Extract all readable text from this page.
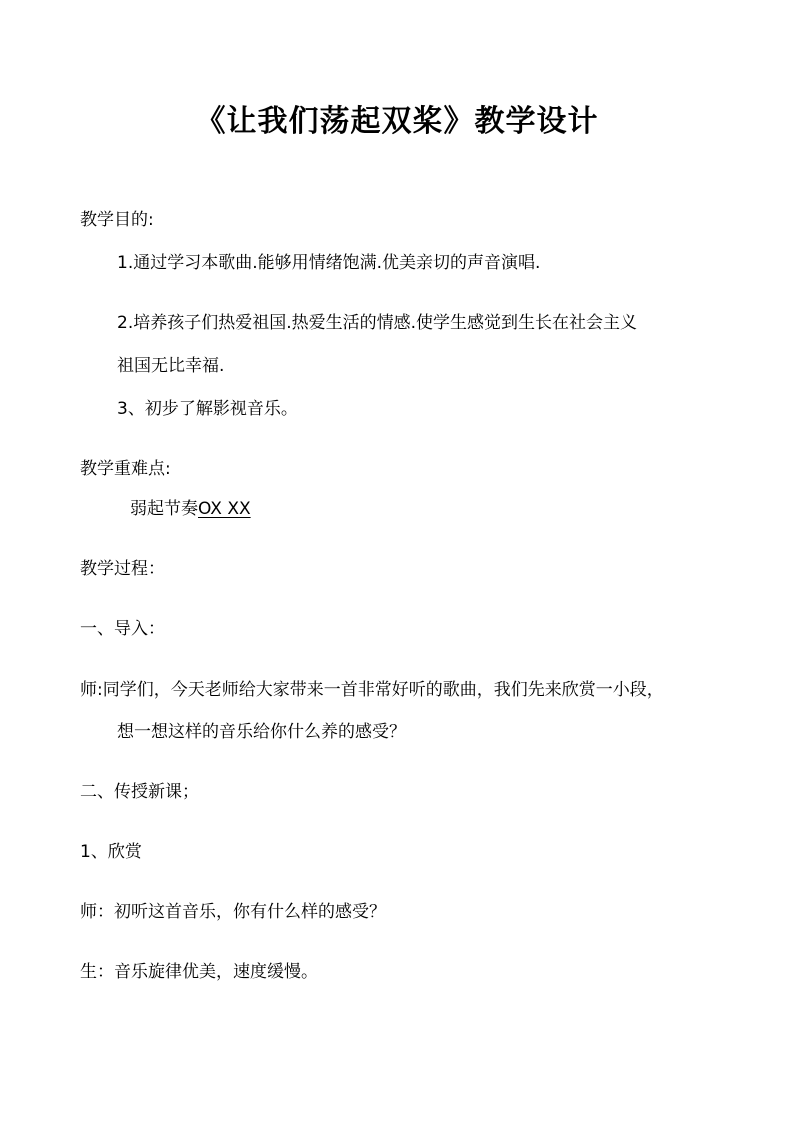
《让我们荡起双桨》教学设计
教学目的:
1.通过学习本歌曲.能够用情绪饱满.优美亲切的声音演唱.
2.培养孩子们热爱祖国.热爱生活的情感.使学生感觉到生长在社会主义
祖国无比幸福.
3、初步了解影视音乐。
教学重难点:
弱起节奏OX XX
教学过程：
一、导入：
师:同学们，今天老师给大家带来一首非常好听的歌曲，我们先来欣赏一小段，
想一想这样的音乐给你什么养的感受？
二、传授新课；
1、欣赏
师：初听这首音乐，你有什么样的感受？
生：音乐旋律优美，速度缓慢。
